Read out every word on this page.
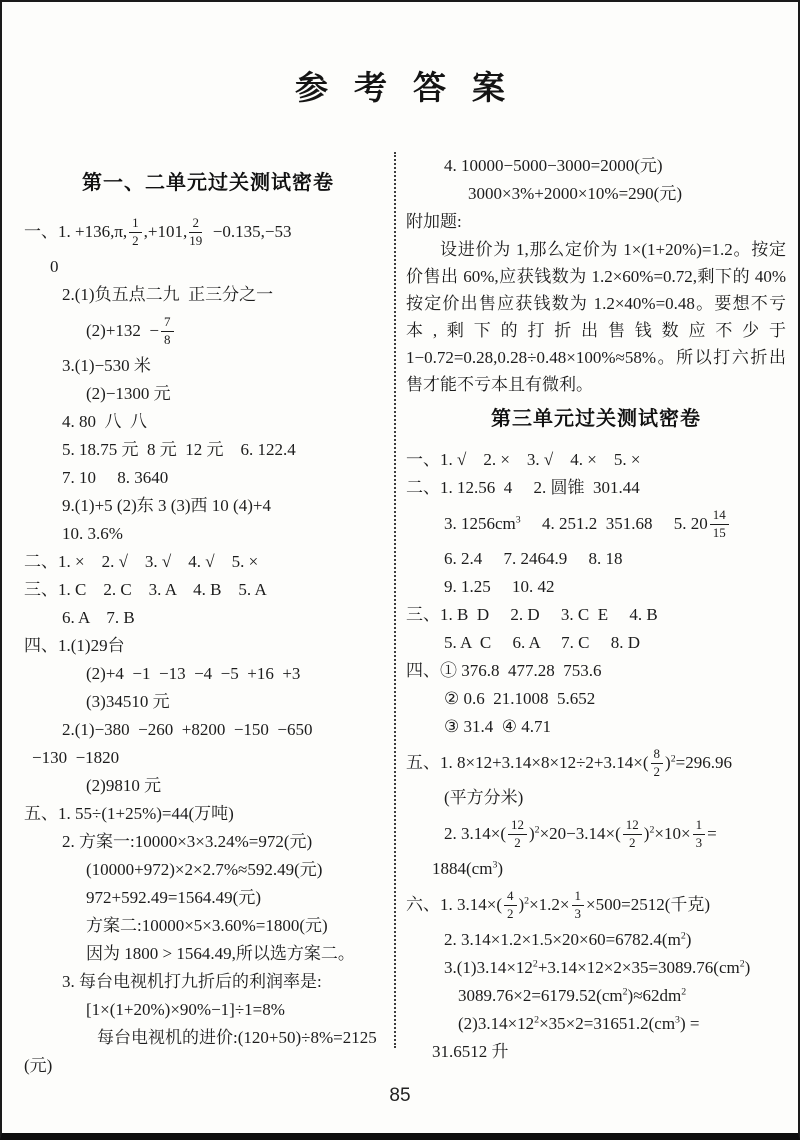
参考答案
第一、二单元过关测试密卷
一、1. +136,π, $\frac{1}{2} ,+101$, $\frac{2}{19} -0.135,-53$
0
2.(1)负五点二九  正三分之一
$(2)+132 - \frac{7}{8}$
3.(1)−530 米
(2)−1300 元
4. 80  八  八
5. 18.75 元  8 元  12 元    6. 122.4
7. 10     8. 3640
9.(1)+5 (2)东 3 (3)西 10 (4)+4
10. 3.6%
二、1. ×    2. √    3. √    4. √    5. ×
三、1. C    2. C    3. A    4. B    5. A
6. A    7. B
四、1.(1)29台
(2)+4  −1  −13  −4  −5  +16  +3
(3)34510 元
2.(1)−380  −260  +8200  −150  −650
−130  −1820
(2)9810 元
五、1. 55÷(1+25%)=44(万吨)
2. 方案一:10000×3×3.24%=972(元)
(10000+972)×2×2.7%≈592.49(元)
972+592.49=1564.49(元)
方案二:10000×5×3.60%=1800(元)
因为 1800 > 1564.49,所以选方案二。
3. 每台电视机打九折后的利润率是:
[1×(1+20%)×90%−1]÷1=8%
每台电视机的进价:(120+50)÷8%=2125
(元)
4. 10000−5000−3000=2000(元)
3000×3%+2000×10%=290(元)
附加题:
设进价为 1,那么定价为 1×(1+20%)=1.2。按定价售出 60%,应获钱数为 1.2×60%=0.72,剩下的 40%按定价出售应获钱数为 1.2×40%=0.48。要想不亏本,剩下的打折出售钱数应不少于 1−0.72=0.28,0.28÷0.48×100%≈58%。所以打六折出售才能不亏本且有微利。
第三单元过关测试密卷
一、1. √    2. ×    3. √    4. ×    5. ×
二、1. 12.56  4     2. 圆锥  301.44
3. $1256cm^3$     4. 251.2  351.68     5. $20 \frac{14}{15}$
6. 2.4     7. 2464.9     8. 18
9. 1.25     10. 42
三、1. B  D     2. D     3. C  E     4. B
5. A  C     6. A     7. C     8. D
四、① 376.8  477.28  753.6
② 0.6  21.1008  5.652
③ 31.4  ④ 4.71
五、1. $8\times 12+3.14\times 8\times 12\div 2+3.14\times( \frac{8}{2} )^2=296.96$
(平方分米)
2. $3.14\times( \frac{12}{2} )^2\times 20-3.14\times( \frac{12}{2} )^2\times 10\times \frac{1}{3}$ =
$1884(cm^3)$
六、1. $3.14\times( \frac{4}{2} )^2\times 1.2\times \frac{1}{3} \times 500=2512$(千克)
2. $3.14\times 1.2\times 1.5\times 20\times 60=6782.4(m^2)$
$3.(1)3.14\times 12^2+3.14\times 12\times 2\times 35=3089.76(cm^2)$
$3089.76\times 2=6179.52(cm^2)\approx 62dm^2$
$(2)3.14\times 12^2\times 35\times 2=31651.2(cm^3)$ =
31.6512 升
85
